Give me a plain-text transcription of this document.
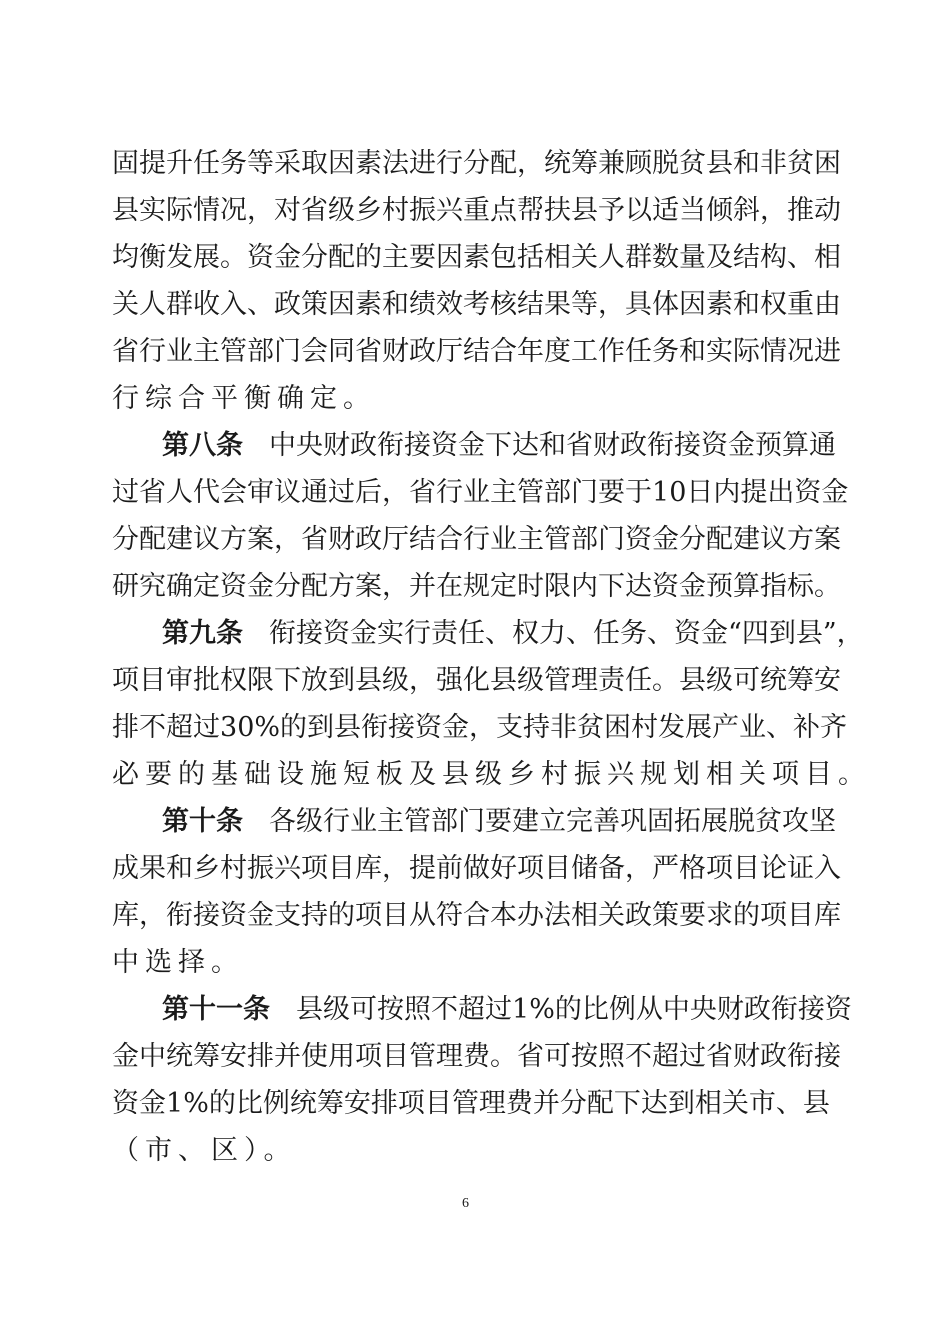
固 提 升 任 务 等 采 取 因 素 法 进 行 分 配 ， 统 筹 兼 顾 脱 贫 县 和 非 贫 困
县 实 际 情 况 ， 对 省 级 乡 村 振 兴 重 点 帮 扶 县 予 以 适 当 倾 斜 ， 推 动
均 衡 发 展 。 资 金 分 配 的 主 要 因 素 包 括 相 关 人 群 数 量 及 结 构 、 相
关 人 群 收 入 、 政 策 因 素 和 绩 效 考 核 结 果 等 ， 具 体 因 素 和 权 重 由
省 行 业 主 管 部 门 会 同 省 财 政 厅 结 合 年 度 工 作 任 务 和 实 际 情 况 进
行综合平衡确定。
第八条 中 央 财 政 衔 接 资 金 下 达 和 省 财 政 衔 接 资 金 预 算 通
过 省 人 代 会 审 议 通 过 后 ， 省 行 业 主 管 部 门 要 于 1 0 日 内 提 出 资 金
分 配 建 议 方 案 ， 省 财 政 厅 结 合 行 业 主 管 部 门 资 金 分 配 建 议 方 案
研 究 确 定 资 金 分 配 方 案 ， 并 在 规 定 时 限 内 下 达 资 金 预 算 指 标 。
第九条 衔 接 资 金 实 行 责 任 、 权 力 、 任 务 、 资 金 “ 四 到 县 ” ，
项 目 审 批 权 限 下 放 到 县 级 ， 强 化 县 级 管 理 责 任 。 县 级 可 统 筹 安
排 不 超 过 3 0 % 的 到 县 衔 接 资 金 ， 支 持 非 贫 困 村 发 展 产 业 、 补 齐
必要的基础设施短板及县级乡村振兴规划相关项目。
第十条 各 级 行 业 主 管 部 门 要 建 立 完 善 巩 固 拓 展 脱 贫 攻 坚
成 果 和 乡 村 振 兴 项 目 库 ， 提 前 做 好 项 目 储 备 ， 严 格 项 目 论 证 入
库 ， 衔 接 资 金 支 持 的 项 目 从 符 合 本 办 法 相 关 政 策 要 求 的 项 目 库
中选择。
第十一条 县 级 可 按 照 不 超 过 1 % 的 比 例 从 中 央 财 政 衔 接 资
金 中 统 筹 安 排 并 使 用 项 目 管 理 费 。 省 可 按 照 不 超 过 省 财 政 衔 接
资 金 1 % 的 比 例 统 筹 安 排 项 目 管 理 费 并 分 配 下 达 到 相 关 市 、 县
（市、区）。
6
